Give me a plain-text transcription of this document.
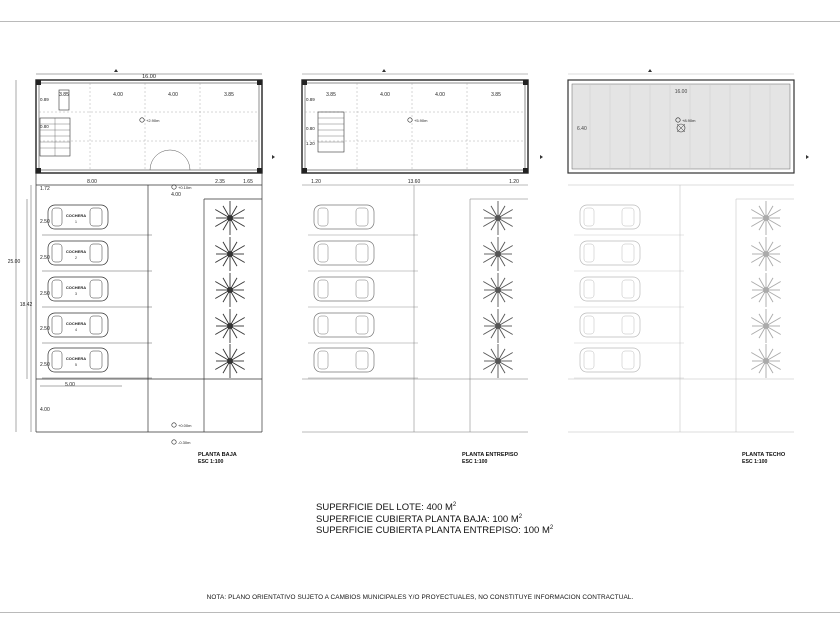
COCHERA
1
COCHERA
2
COCHERA
3
COCHERA
4
COCHERA
5
+2.90m
+0.10m
+0.00m
-0.30m
16.00
3.85	4.00	4.00	3.85
0.89
0.80
25.00
18.42
1.72
2.50
2.50
2.50
2.50
2.50
4.00
5.00
8.00	2.35	1.65
4.00
PLANTA BAJA
ESC 1:100
+5.90m
3.85	4.00	4.00	3.85
0.89
0.80
1.20
1.20	13.60	1.20
PLANTA ENTREPISO
ESC 1:100
+8.90m
16.00
6.40
PLANTA TECHO
ESC 1:100
SUPERFICIE DEL LOTE: 400 $M^2$
SUPERFICIE CUBIERTA PLANTA BAJA: 100 $M^2$
SUPERFICIE CUBIERTA PLANTA ENTREPISO: 100 $M^2$
NOTA: PLANO ORIENTATIVO SUJETO A CAMBIOS MUNICIPALES Y/O PROYECTUALES, NO CONSTITUYE INFORMACION CONTRACTUAL.
